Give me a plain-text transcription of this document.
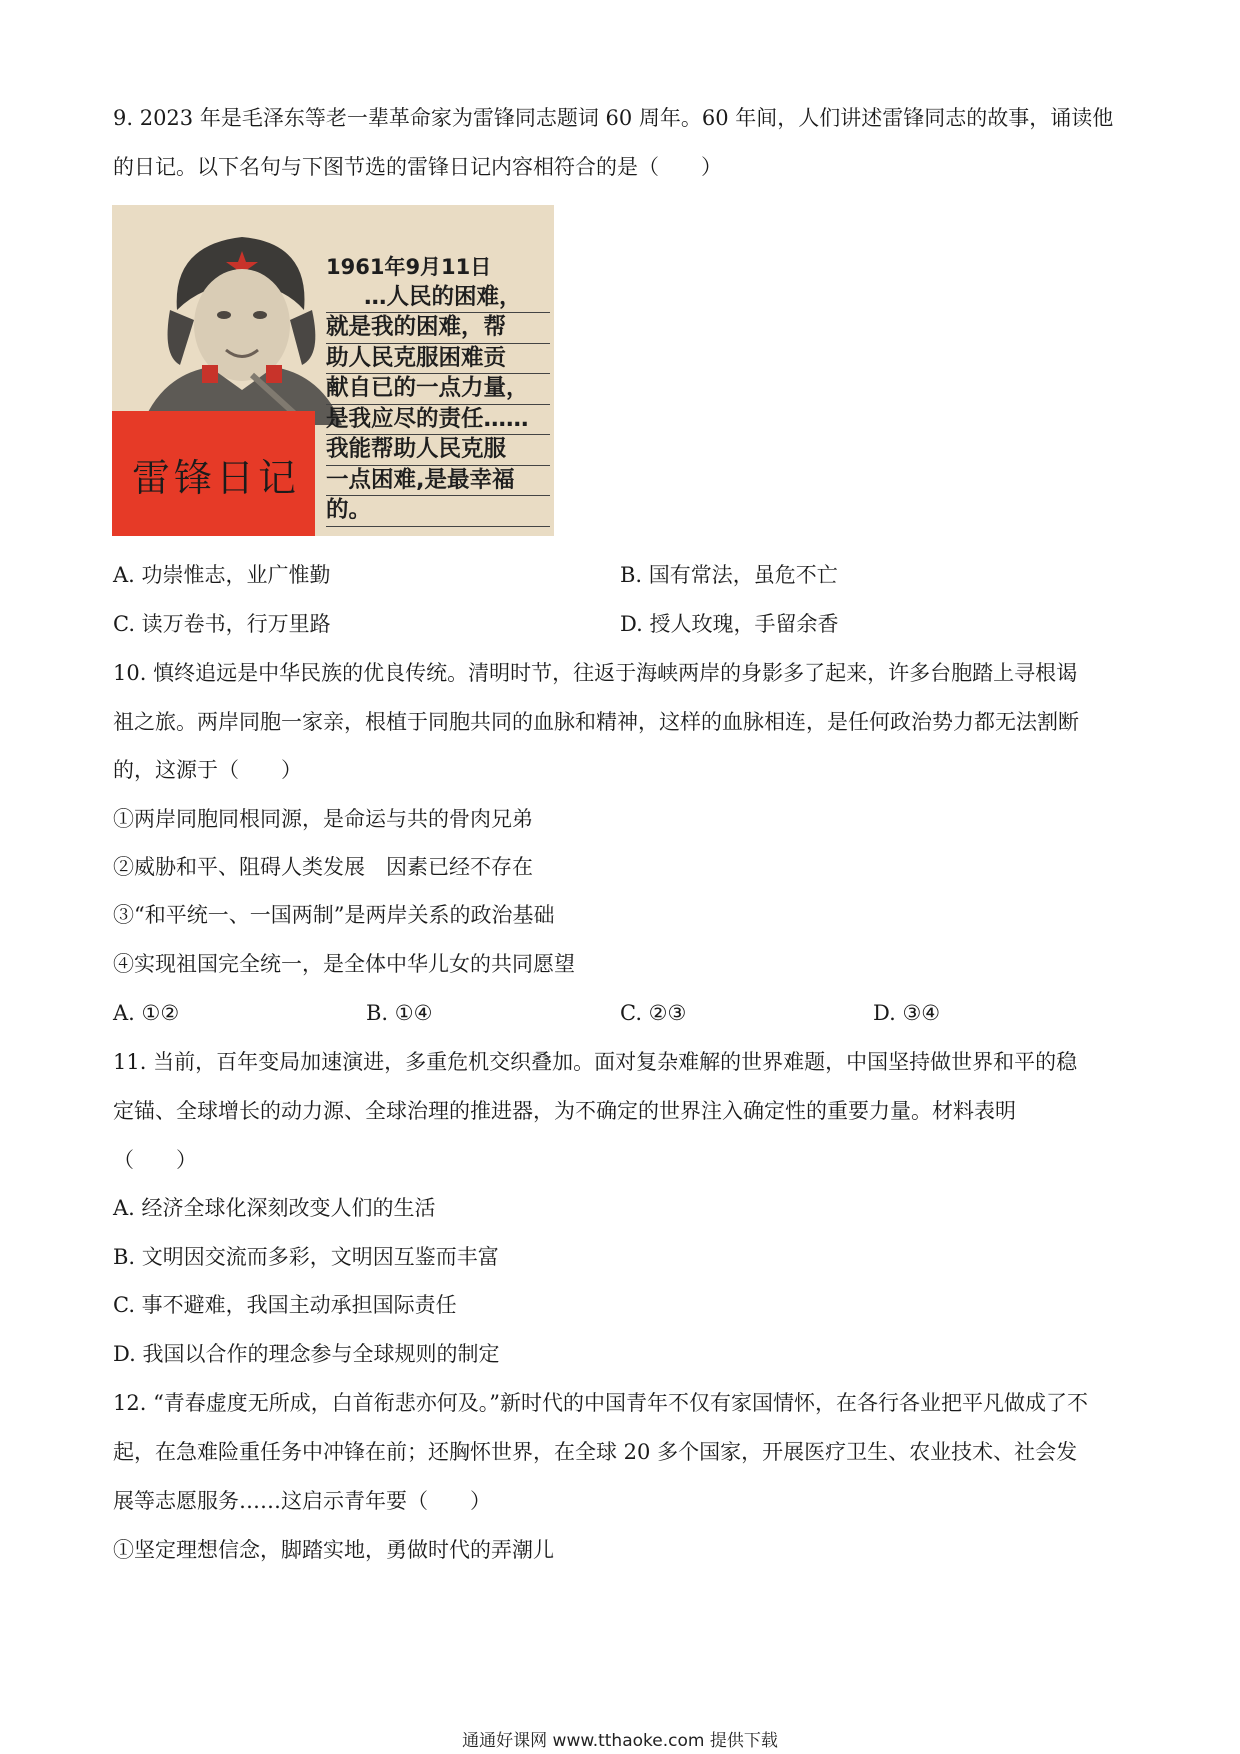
9. 2023 年是毛泽东等老一辈革命家为雷锋同志题词 60 周年。60 年间，人们讲述雷锋同志的故事，诵读他
的日记。以下名句与下图节选的雷锋日记内容相符合的是（　　）
雷锋日记
1961年9月11日
…人民的困难，
就是我的困难，帮
助人民克服困难贡
献自已的一点力量，
是我应尽的责任……
我能帮助人民克服
一点困难,是最幸福
的。
A. 功崇惟志，业广惟勤	B. 国有常法，虽危不亡
C. 读万卷书，行万里路	D. 授人玫瑰，手留余香
10. 慎终追远是中华民族的优良传统。清明时节，往返于海峡两岸的身影多了起来，许多台胞踏上寻根谒
祖之旅。两岸同胞一家亲，根植于同胞共同的血脉和精神，这样的血脉相连，是任何政治势力都无法割断
的，这源于（　　）
①两岸同胞同根同源，是命运与共的骨肉兄弟
②威胁和平、阻碍人类发展　因素已经不存在
③“和平统一、一国两制”是两岸关系的政治基础
④实现祖国完全统一，是全体中华儿女的共同愿望
A. ①②	B. ①④	C. ②③	D. ③④
11. 当前，百年变局加速演进，多重危机交织叠加。面对复杂难解的世界难题，中国坚持做世界和平的稳
定锚、全球增长的动力源、全球治理的推进器，为不确定的世界注入确定性的重要力量。材料表明
（　　）
A. 经济全球化深刻改变人们的生活
B. 文明因交流而多彩，文明因互鉴而丰富
C. 事不避难，我国主动承担国际责任
D. 我国以合作的理念参与全球规则的制定
12. “青春虚度无所成，白首衔悲亦何及。”新时代的中国青年不仅有家国情怀，在各行各业把平凡做成了不
起，在急难险重任务中冲锋在前；还胸怀世界，在全球 20 多个国家，开展医疗卫生、农业技术、社会发
展等志愿服务……这启示青年要（　　）
①坚定理想信念，脚踏实地，勇做时代的弄潮儿
通通好课网 www.tthaoke.com 提供下载
